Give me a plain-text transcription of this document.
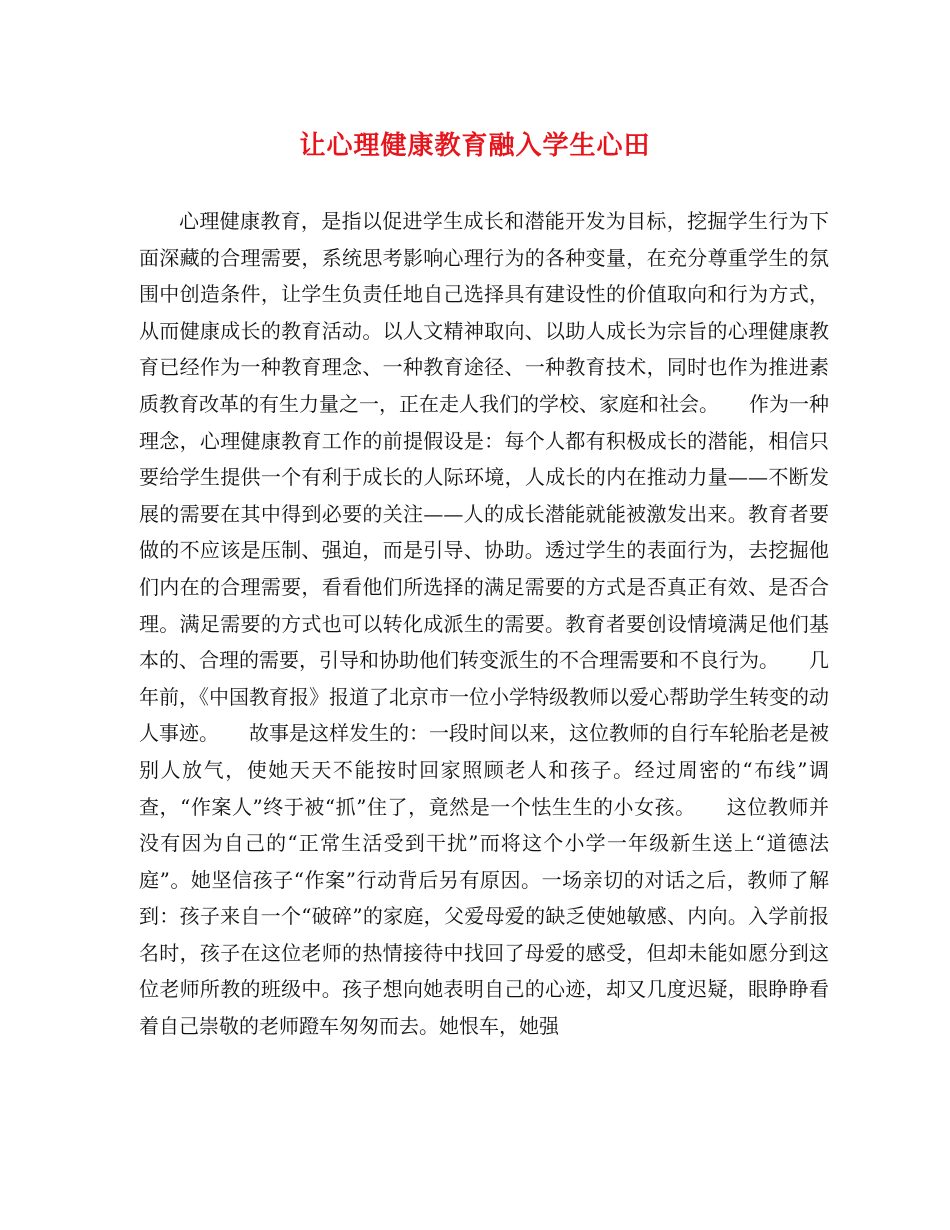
让心理健康教育融入学生心田

心理健康教育，是指以促进学生成长和潜能开发为目标，挖掘学生行为下面深藏的合理需要，系统思考影响心理行为的各种变量，在充分尊重学生的氛围中创造条件，让学生负责任地自己选择具有建设性的价值取向和行为方式，从而健康成长的教育活动。以人文精神取向、以助人成长为宗旨的心理健康教育已经作为一种教育理念、一种教育途径、一种教育技术，同时也作为推进素质教育改革的有生力量之一，正在走人我们的学校、家庭和社会。　　作为一种理念，心理健康教育工作的前提假设是：每个人都有积极成长的潜能，相信只要给学生提供一个有利于成长的人际环境，人成长的内在推动力量——不断发展的需要在其中得到必要的关注——人的成长潜能就能被激发出来。教育者要做的不应该是压制、强迫，而是引导、协助。透过学生的表面行为，去挖掘他们内在的合理需要，看看他们所选择的满足需要的方式是否真正有效、是否合理。满足需要的方式也可以转化成派生的需要。教育者要创设情境满足他们基本的、合理的需要，引导和协助他们转变派生的不合理需要和不良行为。　　几年前，《中国教育报》报道了北京市一位小学特级教师以爱心帮助学生转变的动人事迹。　　故事是这样发生的：一段时间以来，这位教师的自行车轮胎老是被别人放气，使她天天不能按时回家照顾老人和孩子。经过周密的“布线”调查，“作案人”终于被“抓”住了，竟然是一个怯生生的小女孩。　　这位教师并没有因为自己的“正常生活受到干扰”而将这个小学一年级新生送上“道德法庭”。她坚信孩子“作案”行动背后另有原因。一场亲切的对话之后，教师了解到：孩子来自一个“破碎”的家庭，父爱母爱的缺乏使她敏感、内向。入学前报名时，孩子在这位老师的热情接待中找回了母爱的感受，但却未能如愿分到这位老师所教的班级中。孩子想向她表明自己的心迹，却又几度迟疑，眼睁睁看着自己崇敬的老师蹬车匆匆而去。她恨车，她强
